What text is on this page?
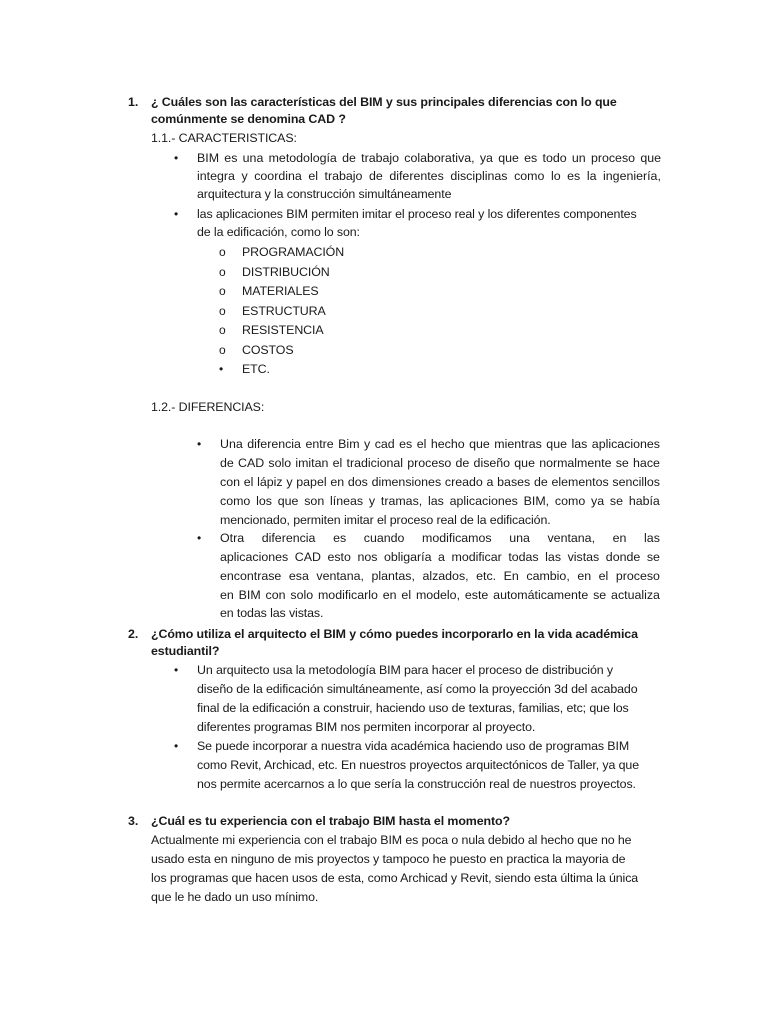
1. ¿ Cuáles son las características del BIM y sus principales diferencias con lo que
comúnmente se denomina CAD ?
1.1.- CARACTERISTICAS:
• BIM es una metodología de trabajo colaborativa, ya que es todo un proceso que
integra y coordina el trabajo de diferentes disciplinas como lo es la ingeniería,
arquitectura y la construcción simultáneamente
• las aplicaciones BIM permiten imitar el proceso real y los diferentes componentes
de la edificación, como lo son:
o PROGRAMACIÓN
o DISTRIBUCIÓN
o MATERIALES
o ESTRUCTURA
o RESISTENCIA
o COSTOS
• ETC.
1.2.- DIFERENCIAS:
• Una diferencia entre Bim y cad es el hecho que mientras que las aplicaciones
de CAD solo imitan el tradicional proceso de diseño que normalmente se hace
con el lápiz y papel en dos dimensiones creado a bases de elementos sencillos
como los que son líneas y tramas, las aplicaciones BIM, como ya se había
mencionado, permiten imitar el proceso real de la edificación.
• Otra diferencia es cuando modificamos una ventana, en las
aplicaciones CAD esto nos obligaría a modificar todas las vistas donde se
encontrase esa ventana, plantas, alzados, etc. En cambio, en el proceso
en BIM con solo modificarlo en el modelo, este automáticamente se actualiza
en todas las vistas.
2. ¿Cómo utiliza el arquitecto el BIM y cómo puedes incorporarlo en la vida académica
estudiantil?
• Un arquitecto usa la metodología BIM para hacer el proceso de distribución y
diseño de la edificación simultáneamente, así como la proyección 3d del acabado
final de la edificación a construir, haciendo uso de texturas, familias, etc; que los
diferentes programas BIM nos permiten incorporar al proyecto.
• Se puede incorporar a nuestra vida académica haciendo uso de programas BIM
como Revit, Archicad, etc. En nuestros proyectos arquitectónicos de Taller, ya que
nos permite acercarnos a lo que sería la construcción real de nuestros proyectos.
3. ¿Cuál es tu experiencia con el trabajo BIM hasta el momento?
Actualmente mi experiencia con el trabajo BIM es poca o nula debido al hecho que no he
usado esta en ninguno de mis proyectos y tampoco he puesto en practica la mayoria de
los programas que hacen usos de esta, como Archicad y Revit, siendo esta última la única
que le he dado un uso mínimo.
